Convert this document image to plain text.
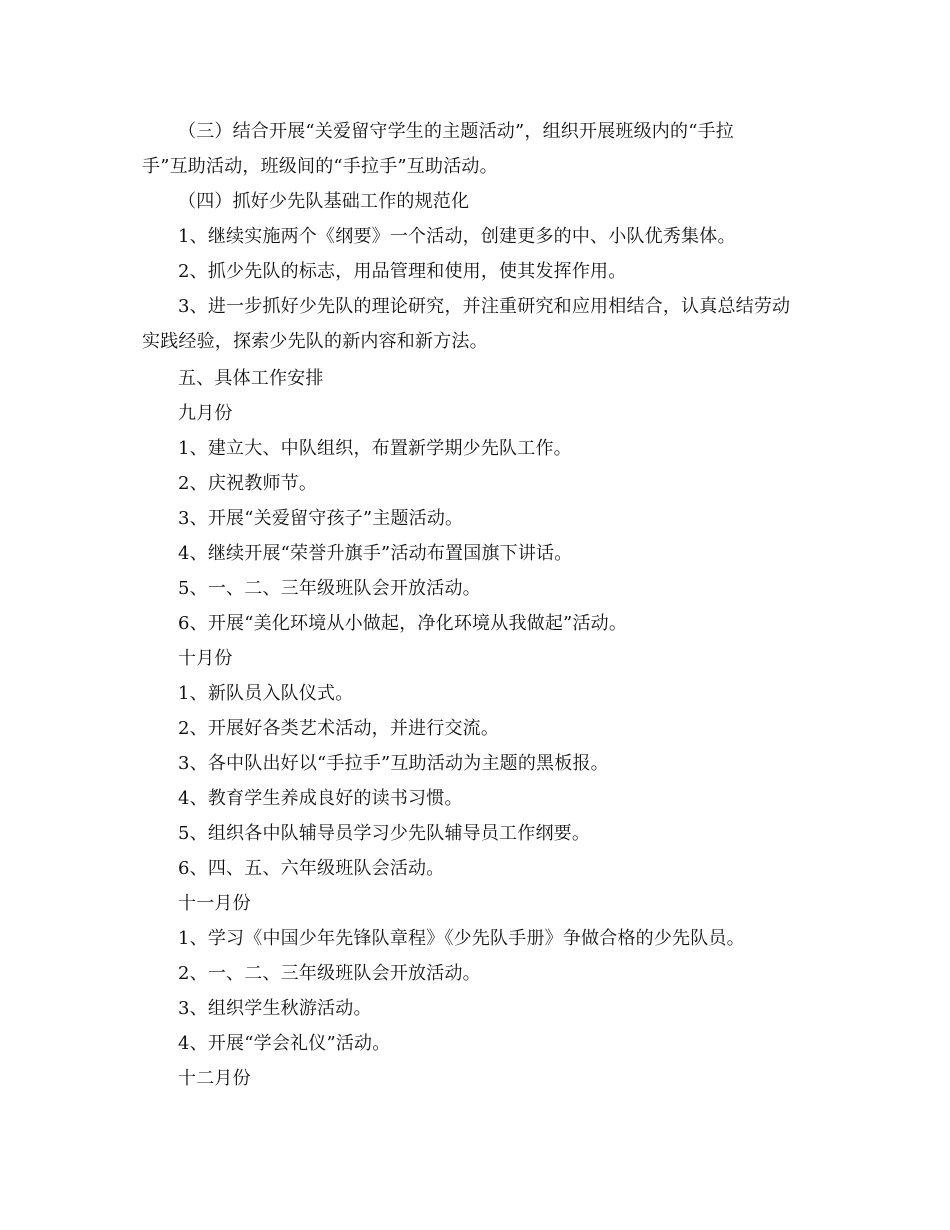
（三）结合开展“关爱留守学生的主题活动”，组织开展班级内的“手拉
手”互助活动，班级间的“手拉手”互助活动。
（四）抓好少先队基础工作的规范化
1、继续实施两个《纲要》一个活动，创建更多的中、小队优秀集体。
2、抓少先队的标志，用品管理和使用，使其发挥作用。
3、进一步抓好少先队的理论研究，并注重研究和应用相结合，认真总结劳动
实践经验，探索少先队的新内容和新方法。
五、具体工作安排
九月份
1、建立大、中队组织，布置新学期少先队工作。
2、庆祝教师节。
3、开展“关爱留守孩子”主题活动。
4、继续开展“荣誉升旗手”活动布置国旗下讲话。
5、一、二、三年级班队会开放活动。
6、开展“美化环境从小做起，净化环境从我做起”活动。
十月份
1、新队员入队仪式。
2、开展好各类艺术活动，并进行交流。
3、各中队出好以“手拉手”互助活动为主题的黑板报。
4、教育学生养成良好的读书习惯。
5、组织各中队辅导员学习少先队辅导员工作纲要。
6、四、五、六年级班队会活动。
十一月份
1、学习《中国少年先锋队章程》《少先队手册》争做合格的少先队员。
2、一、二、三年级班队会开放活动。
3、组织学生秋游活动。
4、开展“学会礼仪”活动。
十二月份
